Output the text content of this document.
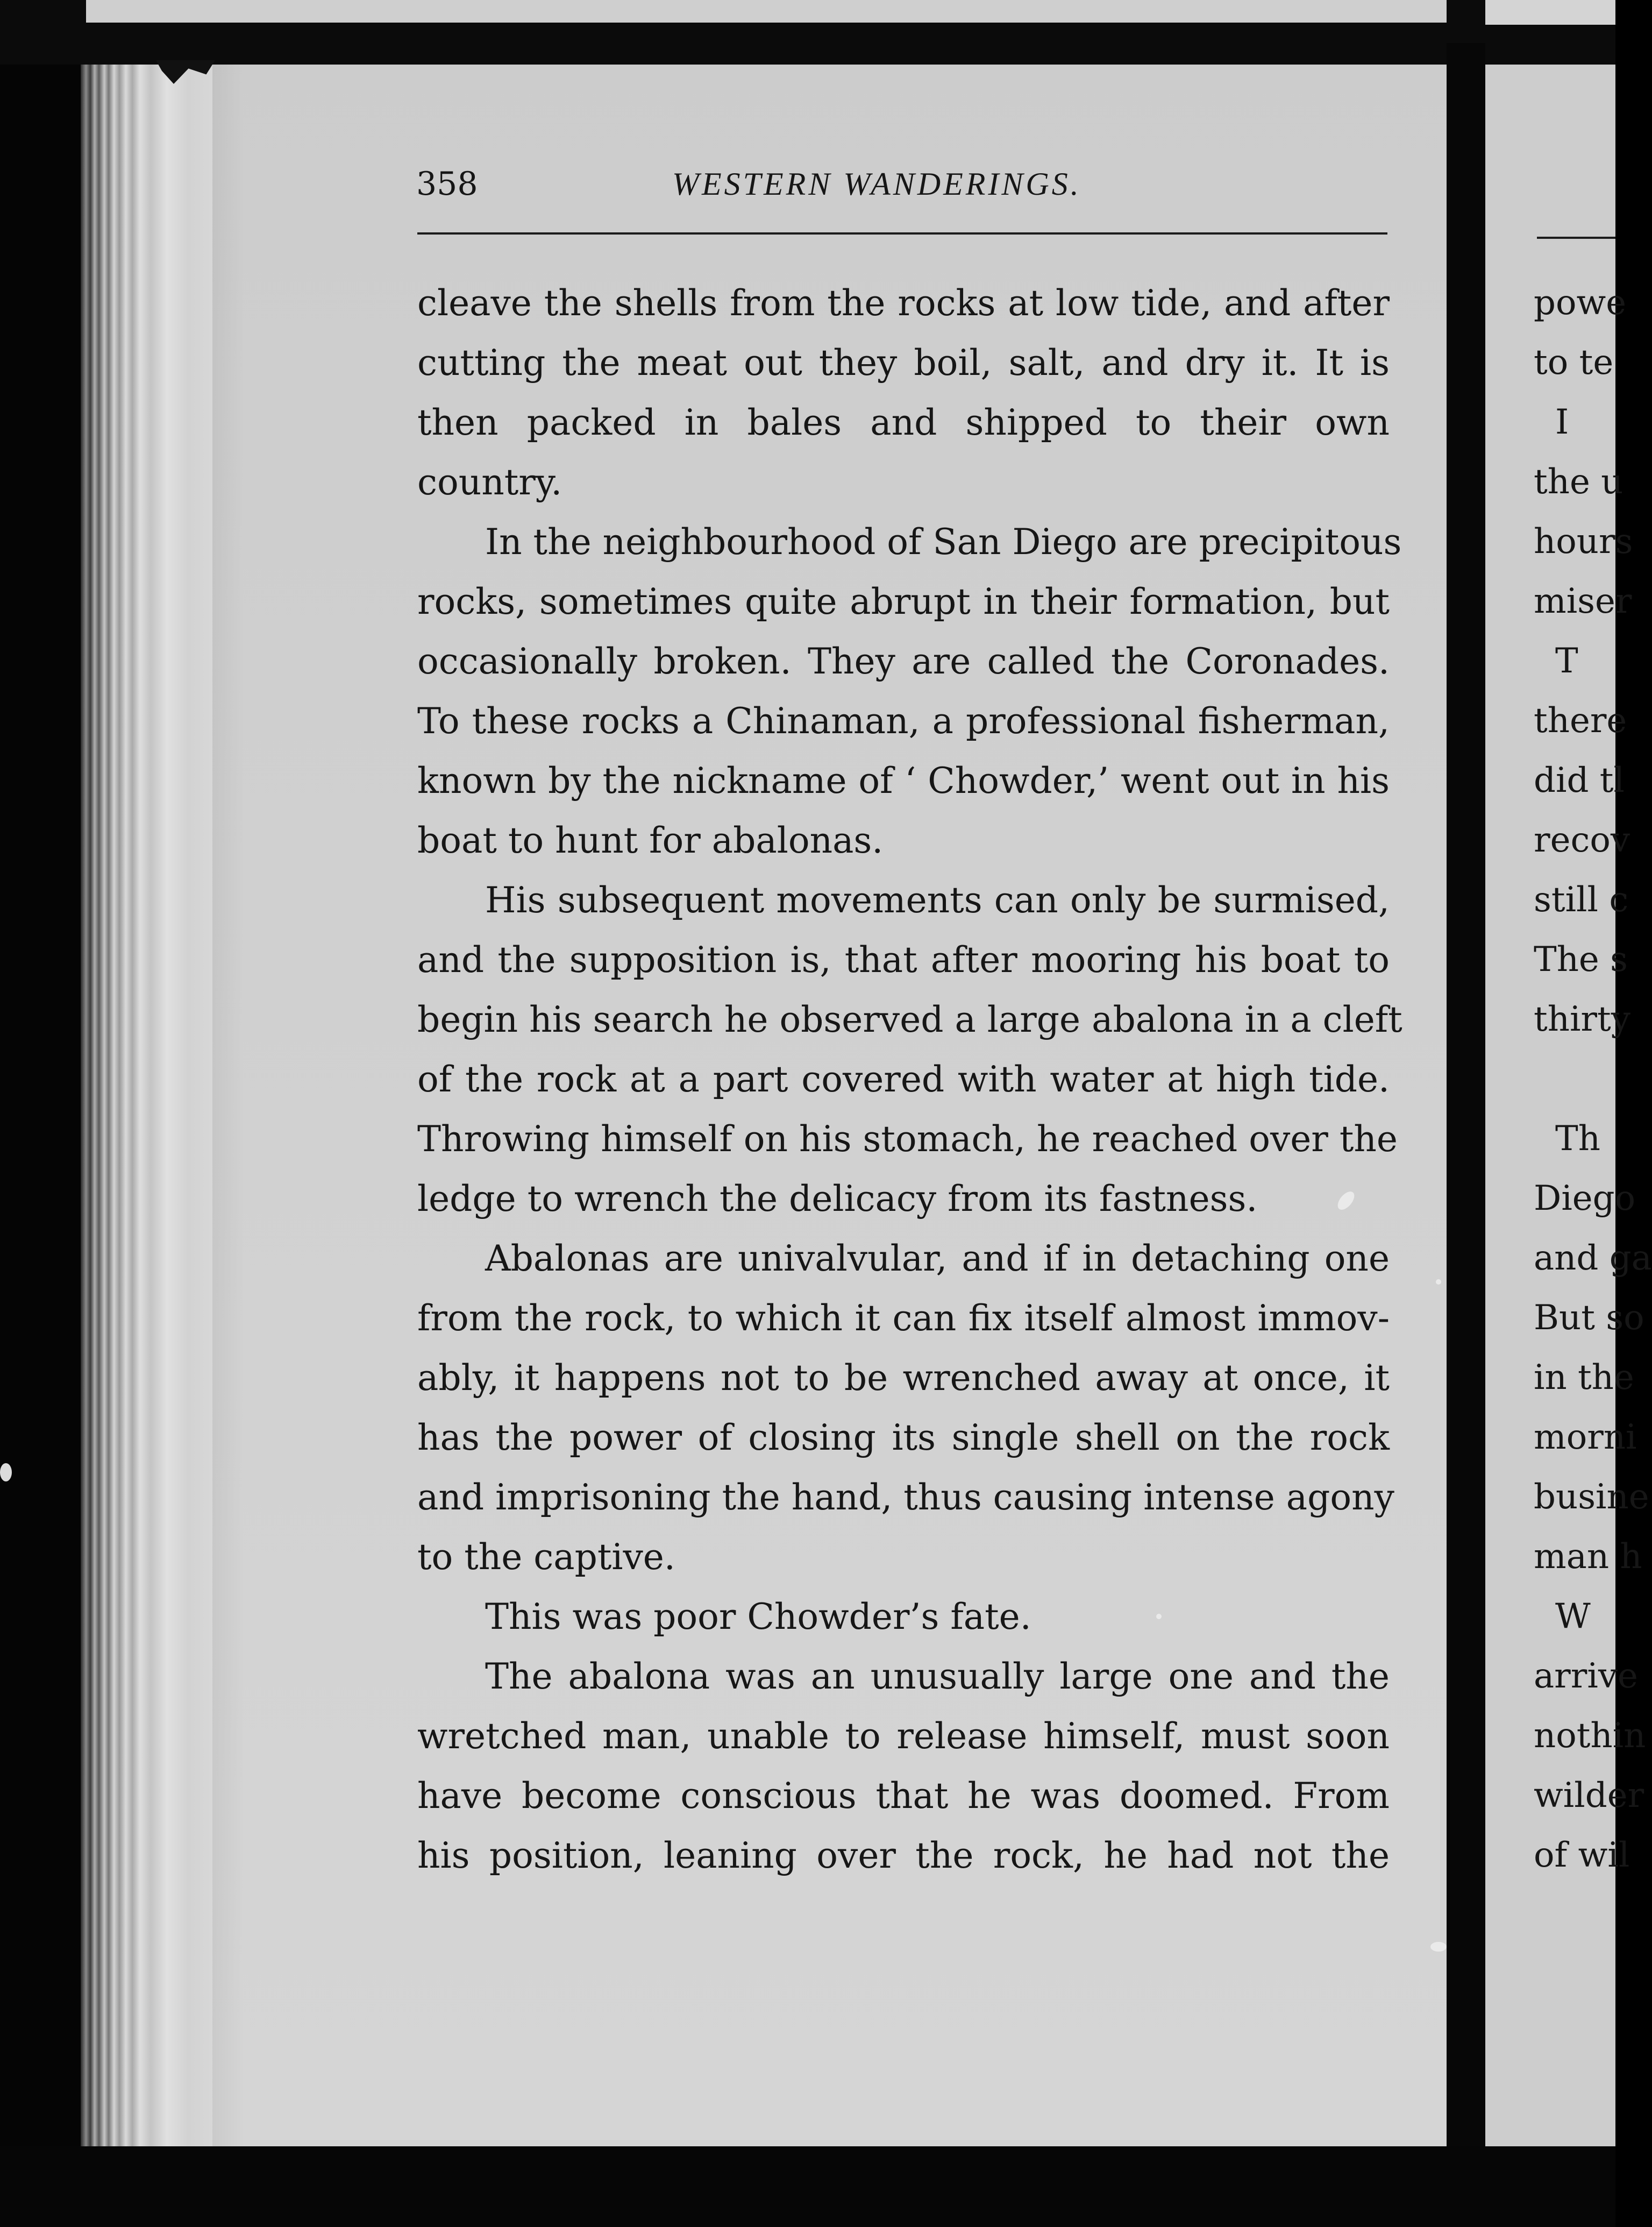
358	WESTERN WANDERINGS.
cleave the shells from the rocks at low tide, and after
cutting the meat out they boil, salt, and dry it. It is
then packed in bales and shipped to their own
country.
In the neighbourhood of San Diego are precipitous
rocks, sometimes quite abrupt in their formation, but
occasionally broken. They are called the Coronades.
To these rocks a Chinaman, a professional fisherman,
known by the nickname of ‘ Chowder,’ went out in his
boat to hunt for abalonas.
His subsequent movements can only be surmised,
and the supposition is, that after mooring his boat to
begin his search he observed a large abalona in a cleft
of the rock at a part covered with water at high tide.
Throwing himself on his stomach, he reached over the
ledge to wrench the delicacy from its fastness.
Abalonas are univalvular, and if in detaching one
from the rock, to which it can fix itself almost immov-
ably, it happens not to be wrenched away at once, it
has the power of closing its single shell on the rock
and imprisoning the hand, thus causing intense agony
to the captive.
This was poor Chowder’s fate.
The abalona was an unusually large one and the
wretched man, unable to release himself, must soon
have become conscious that he was doomed. From
his position, leaning over the rock, he had not the
powe
to te
I
the u
hours
miser
T
there
did tl
recov
still c
The s
thirty
Th
Diego
and ga
But so
in the
morni
busine
man h
W
arrive
nothin
wilder
of wil
